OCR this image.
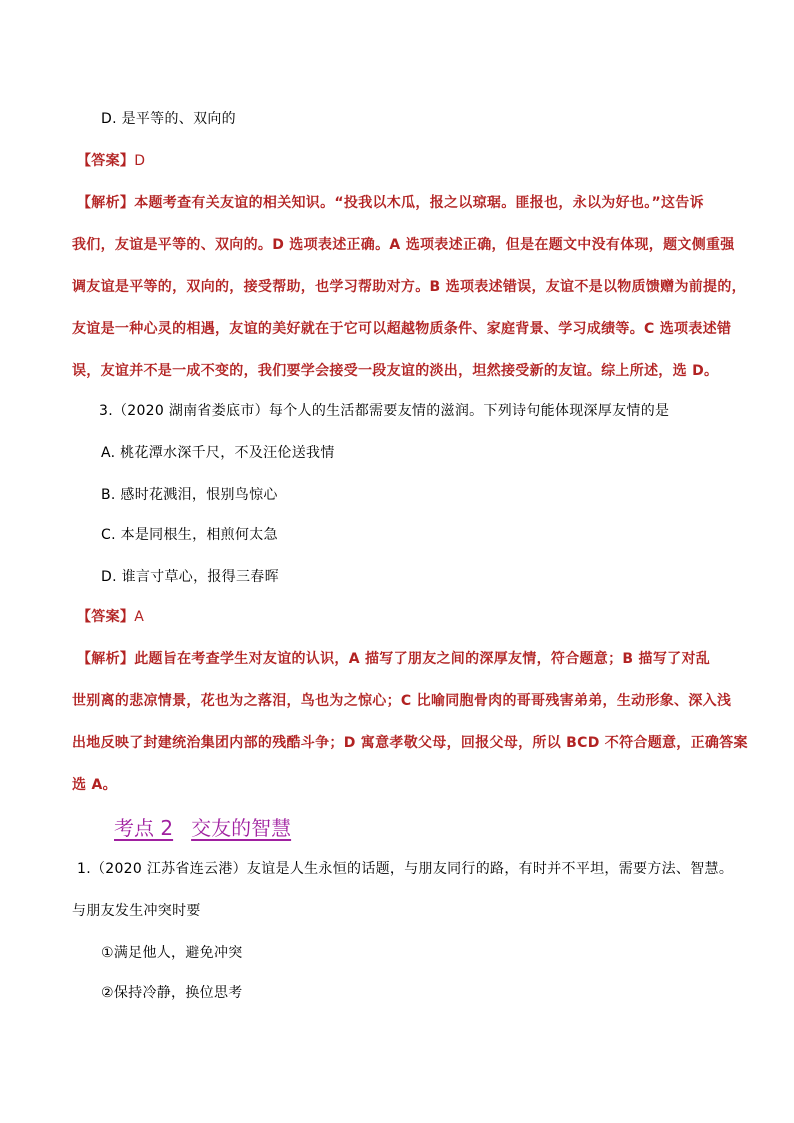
D. 是平等的、双向的
【答案】D
【解析】本题考查有关友谊的相关知识。“投我以木瓜，报之以琼琚。匪报也，永以为好也。”这告诉
我们，友谊是平等的、双向的。D 选项表述正确。A 选项表述正确，但是在题文中没有体现，题文侧重强
调友谊是平等的，双向的，接受帮助，也学习帮助对方。B 选项表述错误，友谊不是以物质馈赠为前提的，
友谊是一种心灵的相遇，友谊的美好就在于它可以超越物质条件、家庭背景、学习成绩等。C 选项表述错
误，友谊并不是一成不变的，我们要学会接受一段友谊的淡出，坦然接受新的友谊。综上所述，选 D。
3.（2020 湖南省娄底市）每个人的生活都需要友情的滋润。下列诗句能体现深厚友情的是
A. 桃花潭水深千尺，不及汪伦送我情
B. 感时花溅泪，恨别鸟惊心
C. 本是同根生，相煎何太急
D. 谁言寸草心，报得三春晖
【答案】A
【解析】此题旨在考查学生对友谊的认识，A 描写了朋友之间的深厚友情，符合题意；B 描写了对乱
世别离的悲凉情景，花也为之落泪，鸟也为之惊心；C 比喻同胞骨肉的哥哥残害弟弟，生动形象、深入浅
出地反映了封建统治集团内部的残酷斗争；D 寓意孝敬父母，回报父母，所以 BCD 不符合题意，正确答案
选 A。
考点 2 交友的智慧
1.（2020 江苏省连云港）友谊是人生永恒的话题，与朋友同行的路，有时并不平坦，需要方法、智慧。
与朋友发生冲突时要
①满足他人，避免冲突
②保持冷静，换位思考
